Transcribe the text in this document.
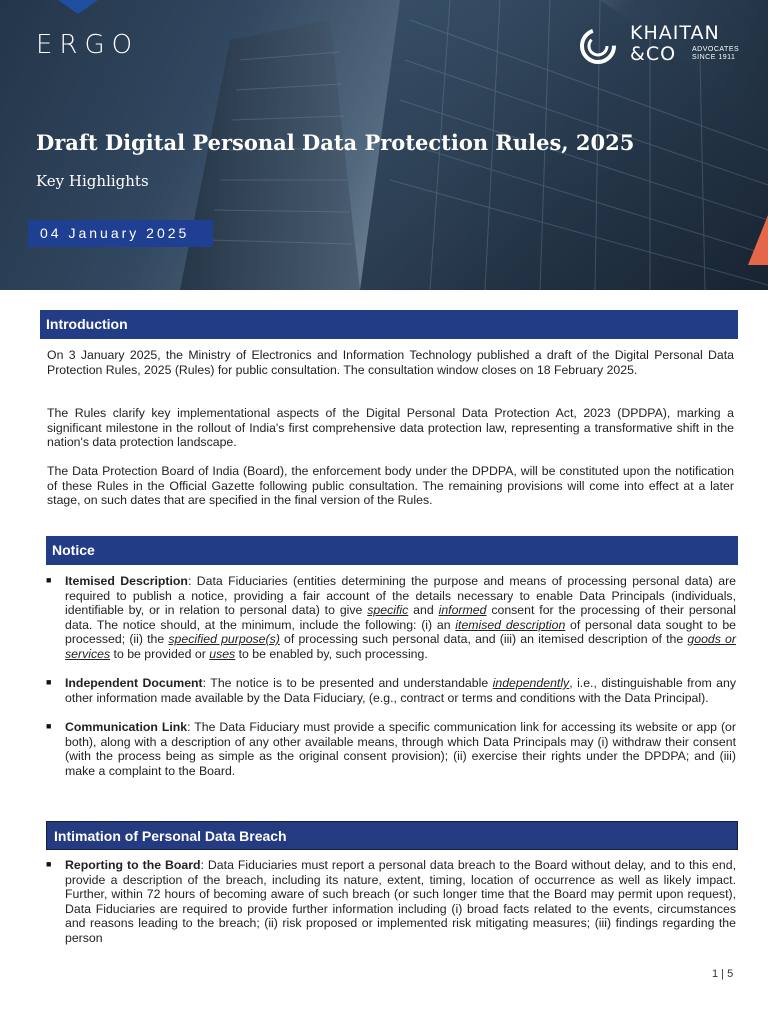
ERGO	KHAITAN
&CO ADVOCATES
SINCE 1911
Draft Digital Personal Data Protection Rules, 2025
Key Highlights
04 January 2025
Introduction

On 3 January 2025, the Ministry of Electronics and Information Technology published a draft of the Digital Personal Data Protection Rules, 2025 (Rules) for public consultation. The consultation window closes on 18 February 2025.

The Rules clarify key implementational aspects of the Digital Personal Data Protection Act, 2023 (DPDPA), marking a significant milestone in the rollout of India's first comprehensive data protection law, representing a transformative shift in the nation's data protection landscape.

The Data Protection Board of India (Board), the enforcement body under the DPDPA, will be constituted upon the notification of these Rules in the Official Gazette following public consultation. The remaining provisions will come into effect at a later stage, on such dates that are specified in the final version of the Rules.

Notice
■ Itemised Description: Data Fiduciaries (entities determining the purpose and means of processing personal data) are required to publish a notice, providing a fair account of the details necessary to enable Data Principals (individuals, identifiable by, or in relation to personal data) to give specific and informed consent for the processing of their personal data. The notice should, at the minimum, include the following: (i) an itemised description of personal data sought to be processed; (ii) the specified purpose(s) of processing such personal data, and (iii) an itemised description of the goods or services to be provided or uses to be enabled by, such processing.
■ Independent Document: The notice is to be presented and understandable independently, i.e., distinguishable from any other information made available by the Data Fiduciary, (e.g., contract or terms and conditions with the Data Principal).
■ Communication Link: The Data Fiduciary must provide a specific communication link for accessing its website or app (or both), along with a description of any other available means, through which Data Principals may (i) withdraw their consent (with the process being as simple as the original consent provision); (ii) exercise their rights under the DPDPA; and (iii) make a complaint to the Board.
Intimation of Personal Data Breach
■ Reporting to the Board: Data Fiduciaries must report a personal data breach to the Board without delay, and to this end, provide a description of the breach, including its nature, extent, timing, location of occurrence as well as likely impact. Further, within 72 hours of becoming aware of such breach (or such longer time that the Board may permit upon request), Data Fiduciaries are required to provide further information including (i) broad facts related to the events, circumstances and reasons leading to the breach; (ii) risk proposed or implemented risk mitigating measures; (iii) findings regarding the person
1 | 5
